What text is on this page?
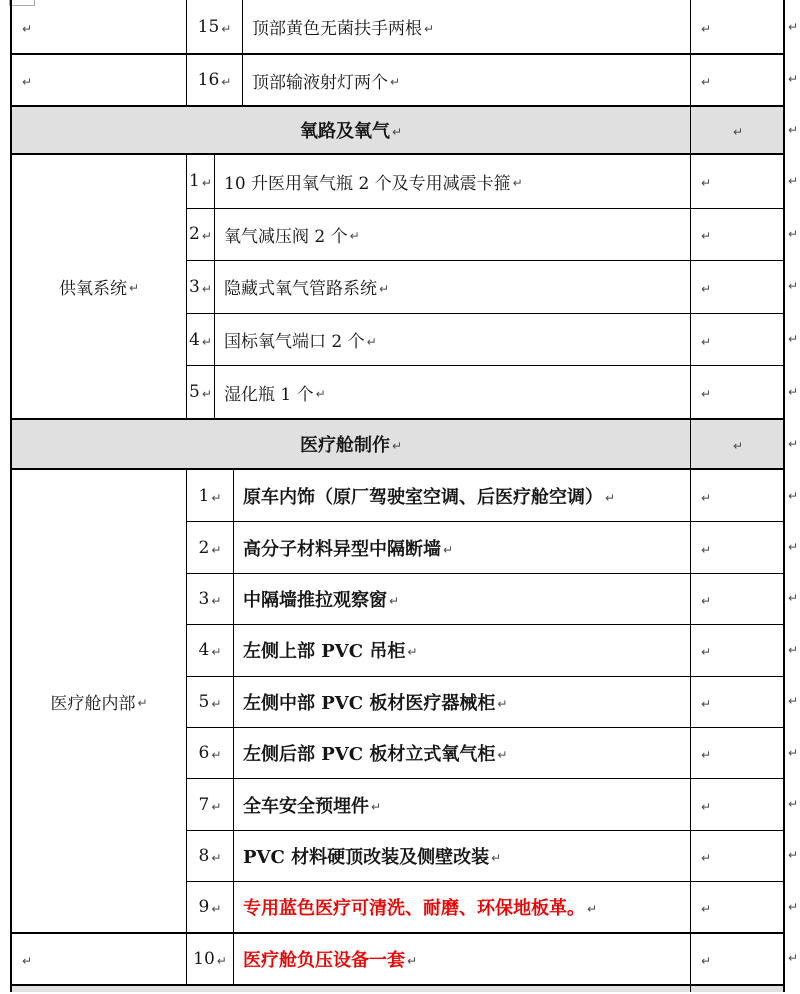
↵	15 ↵ 顶部黄色无菌扶手两根 ↵	↵
↵	16 ↵ 顶部输液射灯两个 ↵	↵
氧路及氧气 ↵	↵
供氧系统 ↵
1 ↵ 10 升医用氧气瓶 2 个及专用减震卡箍 ↵	↵
2 ↵ 氧气减压阀 2 个 ↵	↵
3 ↵ 隐藏式氧气管路系统 ↵	↵
4 ↵ 国标氧气端口 2 个 ↵	↵
5 ↵ 湿化瓶 1 个 ↵	↵
医疗舱制作 ↵	↵
医疗舱内部 ↵
1 ↵ 原车内饰（原厂驾驶室空调、后医疗舱空调） ↵	↵
2 ↵ 高分子材料异型中隔断墙 ↵	↵
3 ↵ 中隔墙推拉观察窗 ↵	↵
4 ↵ 左侧上部 PVC 吊柜 ↵	↵
5 ↵ 左侧中部 PVC 板材医疗器械柜 ↵	↵
6 ↵ 左侧后部 PVC 板材立式氧气柜 ↵	↵
7 ↵ 全车安全预埋件 ↵	↵
8 ↵ PVC 材料硬顶改装及侧壁改装 ↵	↵
9 ↵ 专用蓝色医疗可清洗、耐磨、环保地板革。 ↵	↵
↵	10 ↵ 医疗舱负压设备一套 ↵	↵
↵
↵
↵
↵
↵
↵
↵
↵
↵
↵
↵
↵
↵
↵
↵
↵
↵
↵
↵
